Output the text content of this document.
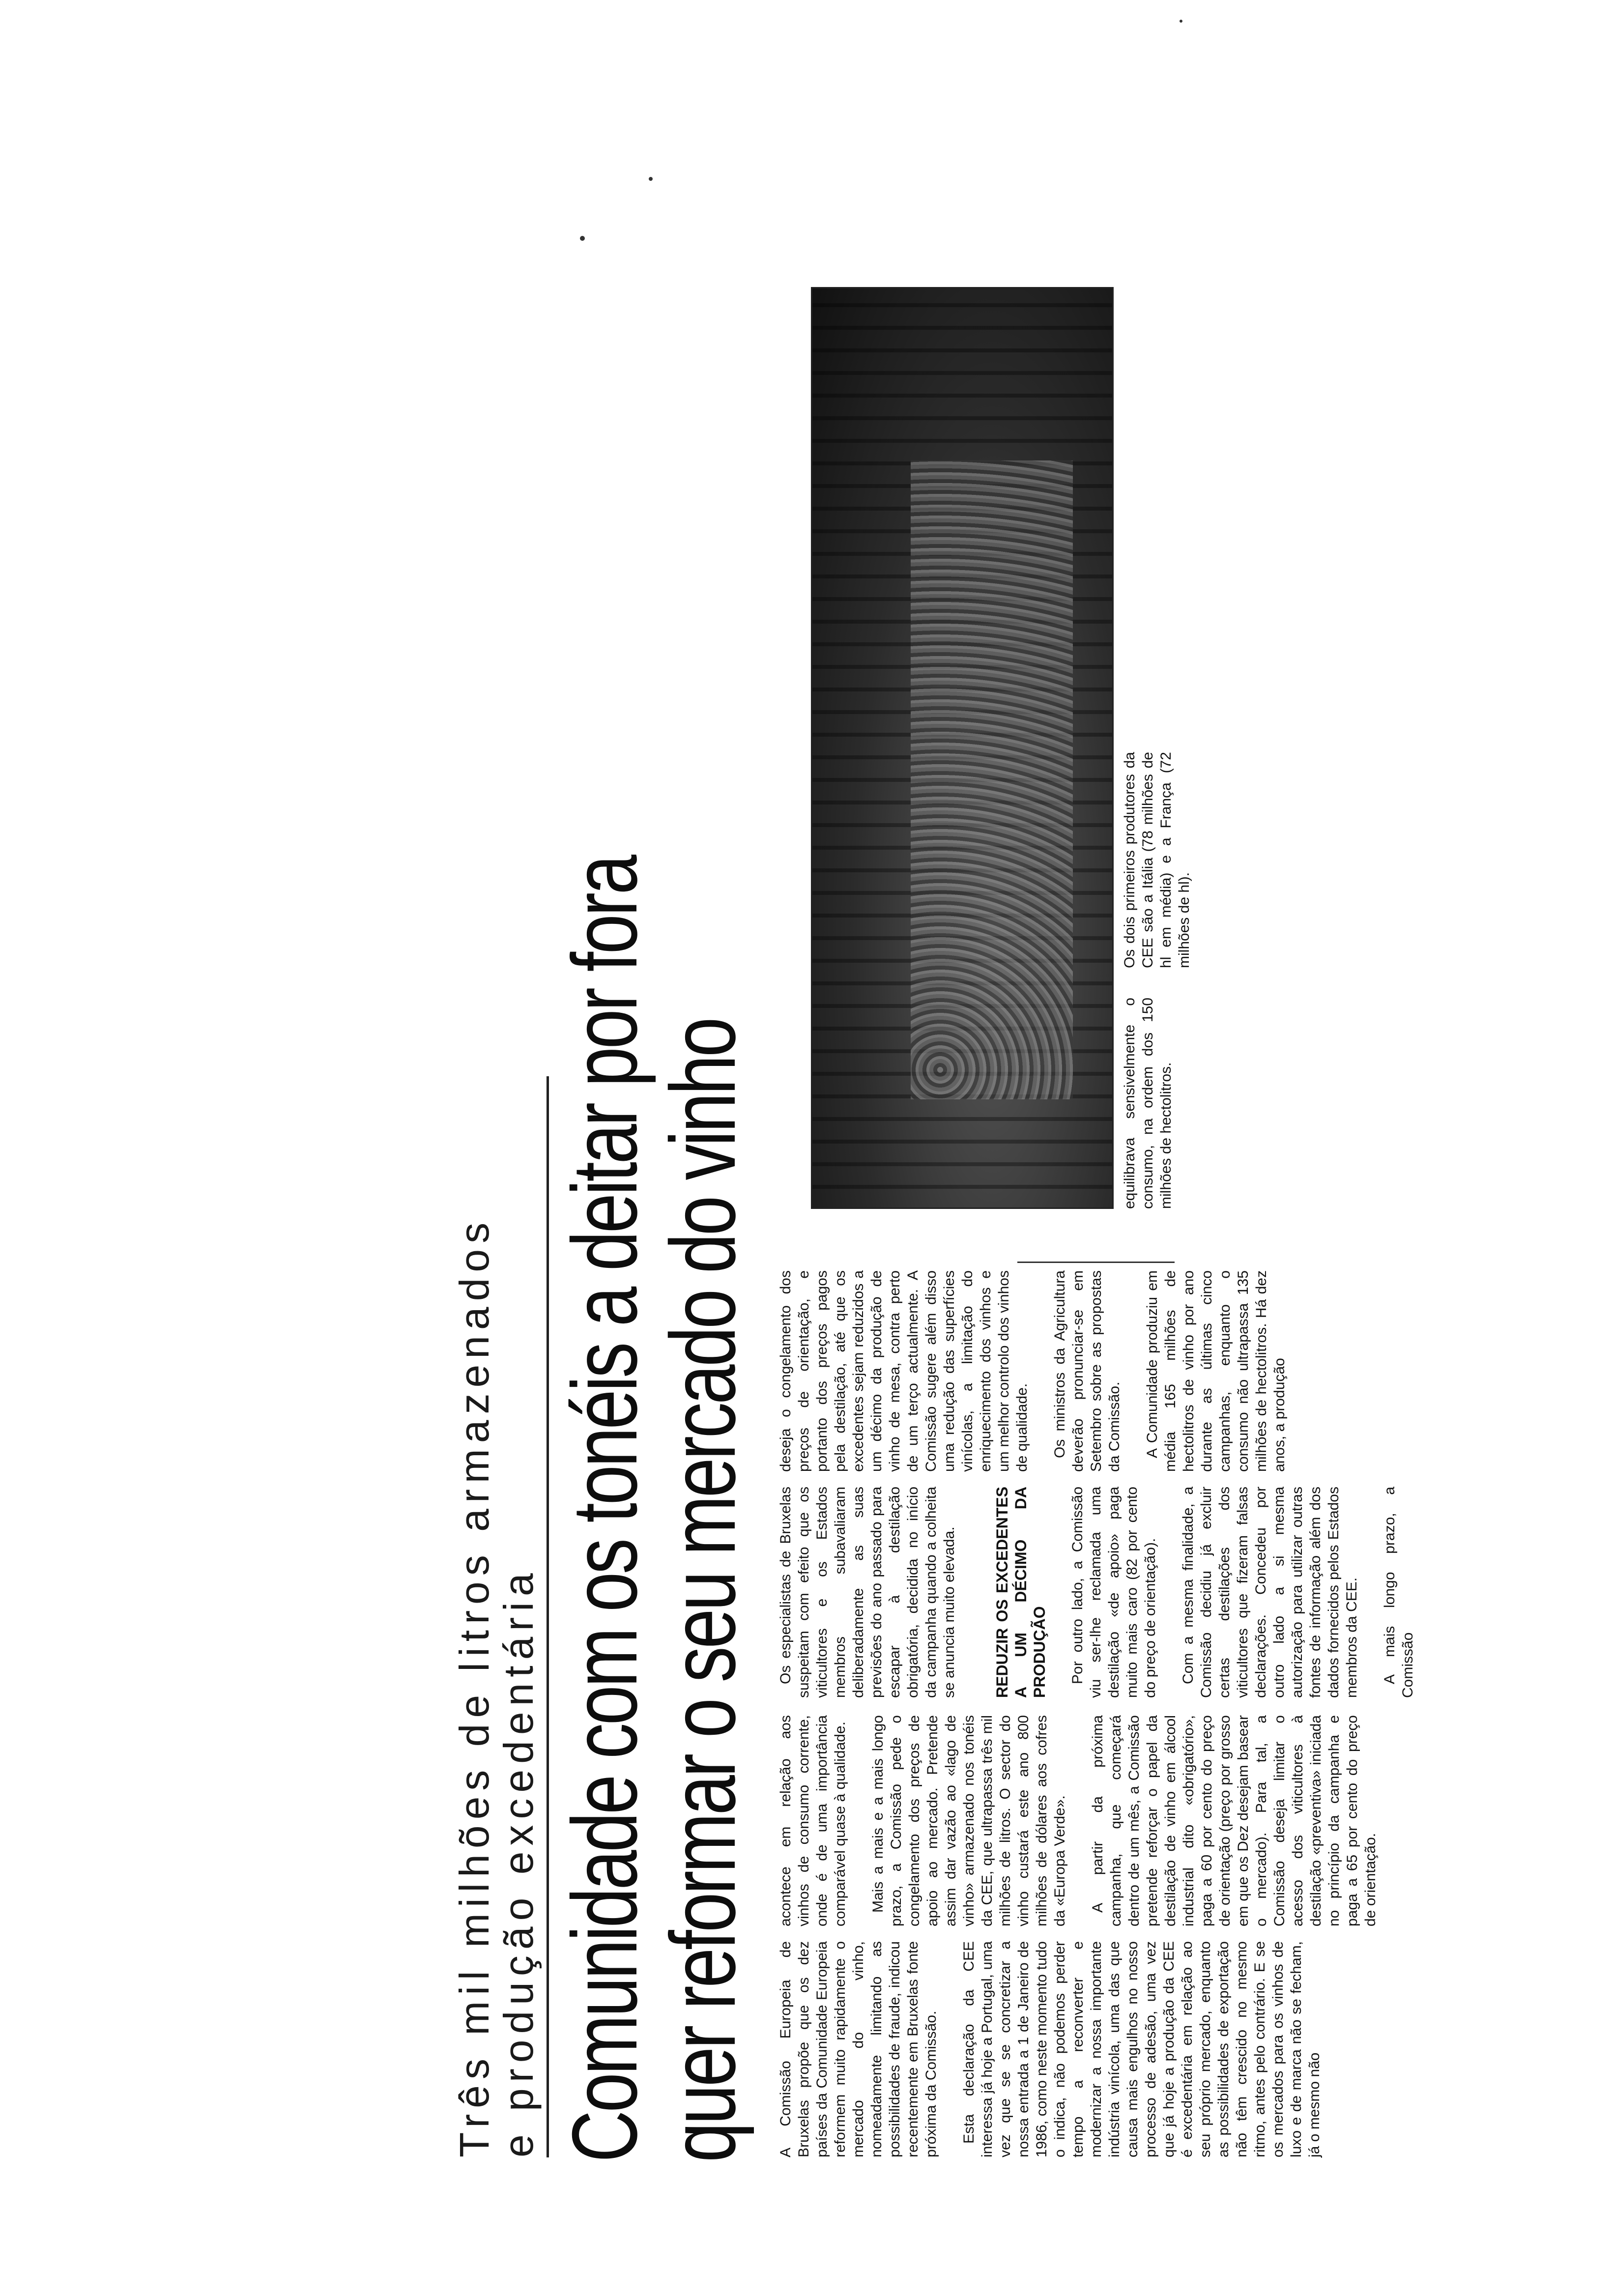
Três mil milhões de litros armazenados
e produção excedentária Comunidade com os tonéis a deitar por fora
quer reformar o seu mercado do vinho A Comissão Europeia de Bruxelas propõe que os dez países da Comunidade Europeia reformem muito rapidamente o mercado do vinho, nomeadamente limitando as possibilidades de fraude, indicou recentemente em Bruxelas fonte próxima da Comissão. Esta declaração da CEE interessa já hoje a Portugal, uma vez que se se concretizar a nossa entrada a 1 de Janeiro de 1986, como neste momento tudo o indica, não podemos perder tempo a reconverter e modernizar a nossa importante indústria vinícola, uma das que causa mais engulhos no nosso processo de adesão, uma vez que já hoje a produção da CEE é excedentária em relação ao seu próprio mercado, enquanto as possibilidades de exportação não têm crescido no mesmo ritmo, antes pelo contrário. E se os mercados para os vinhos de luxo e de marca não se fecham, já o mesmo não

acontece em relação aos vinhos de consumo corrente, onde é de uma importância comparável quase à qualidade. Mais a mais e a mais longo prazo, a Comissão pede o congelamento dos preços de apoio ao mercado. Pretende assim dar vazão ao «lago de vinho» armazenado nos tonéis da CEE, que ultrapassa três mil milhões de litros. O sector do vinho custará este ano 800 milhões de dólares aos cofres da «Europa Verde». A partir da próxima campanha, que começará dentro de um mês, a Comissão pretende reforçar o papel da destilação de vinho em álcool industrial dito «obrigatório», paga a 60 por cento do preço de orientação (preço por grosso em que os Dez desejam basear o mercado). Para tal, a Comissão deseja limitar o acesso dos viticultores à destilação «preventiva» iniciada no princípio da campanha e paga a 65 por cento do preço de orientação.

Os especialistas de Bruxelas suspeitam com efeito que os viticultores e os Estados membros subavaliaram deliberadamente as suas previsões do ano passado para escapar à destilação obrigatória, decidida no início da campanha quando a colheita se anuncia muito elevada. REDUZIR OS EXCEDENTES A UM DÉCIMO DA PRODUÇÃO Por outro lado, a Comissão viu ser-lhe reclamada uma destilação «de apoio» paga muito mais caro (82 por cento do preço de orientação). Com a mesma finalidade, a Comissão decidiu já excluir certas destilações dos viticultores que fizeram falsas declarações. Concedeu por outro lado a si mesma autorização para utilizar outras fontes de informação além dos dados fornecidos pelos Estados membros da CEE. A mais longo prazo, a Comissão

deseja o congelamento dos preços de orientação, e portanto dos preços pagos pela destilação, até que os excedentes sejam reduzidos a um décimo da produção de vinho de mesa, contra perto de um terço actualmente. A Comissão sugere além disso uma redução das superfícies vinícolas, a limitação do enriquecimento dos vinhos e um melhor controlo dos vinhos de qualidade. Os ministros da Agricultura deverão pronunciar-se em Setembro sobre as propostas da Comissão. A Comunidade produziu em média 165 milhões de hectolitros de vinho por ano durante as últimas cinco campanhas, enquanto o consumo não ultrapassa 135 milhões de hectolitros. Há dez anos, a produção

equilibrava sensivelmente o consumo, na ordem dos 150 milhões de hectolitros.
Os dois primeiros produtores da CEE são a Itália (78 milhões de hl em média) e a França (72 milhões de hl).
